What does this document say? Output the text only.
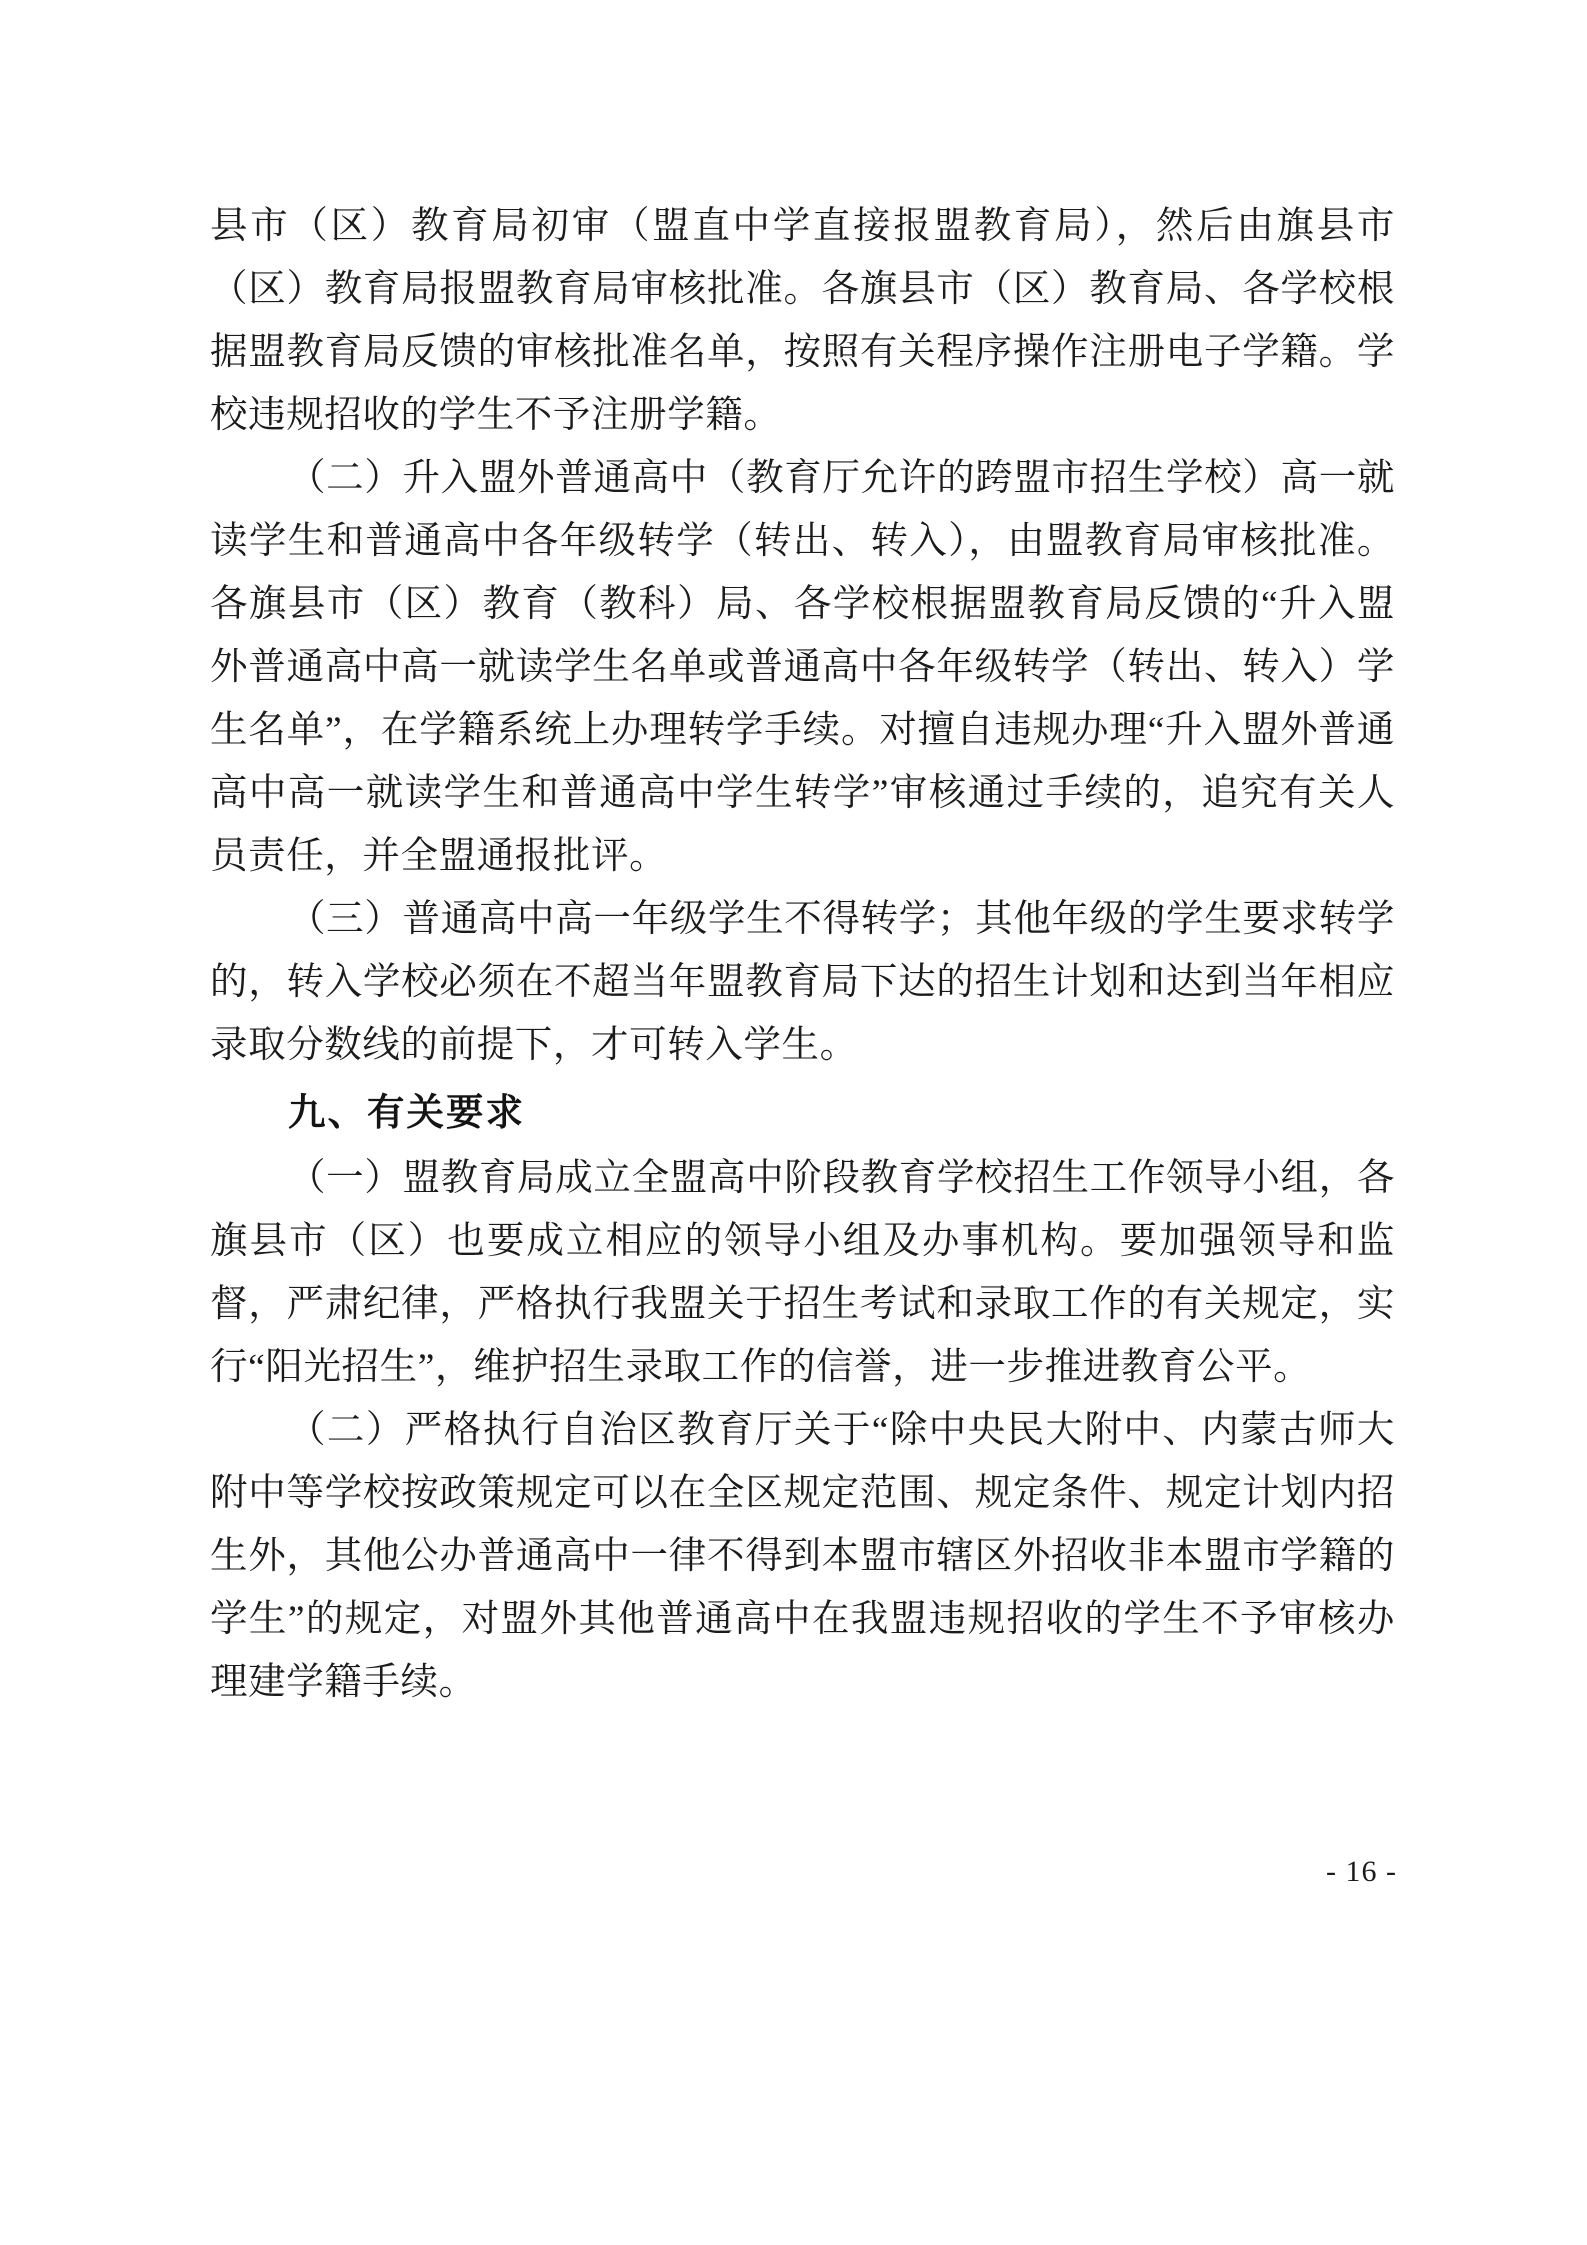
县市（区）教育局初审（盟直中学直接报盟教育局），然后由旗县市（区）教育局报盟教育局审核批准。各旗县市（区）教育局、各学校根据盟教育局反馈的审核批准名单，按照有关程序操作注册电子学籍。学校违规招收的学生不予注册学籍。

（二）升入盟外普通高中（教育厅允许的跨盟市招生学校）高一就读学生和普通高中各年级转学（转出、转入），由盟教育局审核批准。各旗县市（区）教育（教科）局、各学校根据盟教育局反馈的“升入盟外普通高中高一就读学生名单或普通高中各年级转学（转出、转入）学生名单”，在学籍系统上办理转学手续。对擅自违规办理“升入盟外普通高中高一就读学生和普通高中学生转学”审核通过手续的，追究有关人员责任，并全盟通报批评。

（三）普通高中高一年级学生不得转学；其他年级的学生要求转学的，转入学校必须在不超当年盟教育局下达的招生计划和达到当年相应录取分数线的前提下，才可转入学生。

九、有关要求

（一）盟教育局成立全盟高中阶段教育学校招生工作领导小组，各旗县市（区）也要成立相应的领导小组及办事机构。要加强领导和监督，严肃纪律，严格执行我盟关于招生考试和录取工作的有关规定，实行“阳光招生”，维护招生录取工作的信誉，进一步推进教育公平。

（二）严格执行自治区教育厅关于“除中央民大附中、内蒙古师大附中等学校按政策规定可以在全区规定范围、规定条件、规定计划内招生外，其他公办普通高中一律不得到本盟市辖区外招收非本盟市学籍的学生”的规定，对盟外其他普通高中在我盟违规招收的学生不予审核办理建学籍手续。

- 16 -
